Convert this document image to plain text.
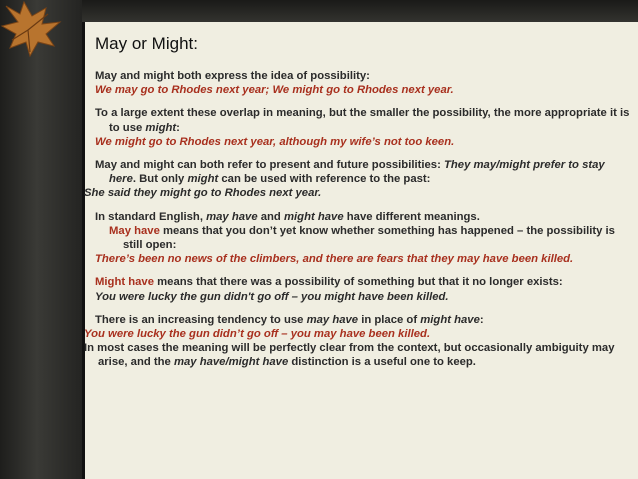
May or Might:

May and might both express the idea of possibility:

We may go to Rhodes next year; We might go to Rhodes next year.

To a large extent these overlap in meaning, but the smaller the possibility, the more appropriate it is to use might:

We might go to Rhodes next year, although my wife’s not too keen.

May and might can both refer to present and future possibilities: They may/might prefer to stay here. But only might can be used with reference to the past:

She said they might go to Rhodes next year.

In standard English, may have and might have have different meanings.
May have means that you don’t yet know whether something has happened – the possibility is still open:

There’s been no news of the climbers, and there are fears that they may have been killed.

Might have means that there was a possibility of something but that it no longer exists:

You were lucky the gun didn't go off – you might have been killed.

There is an increasing tendency to use may have in place of might have:

You were lucky the gun didn’t go off – you may have been killed.

In most cases the meaning will be perfectly clear from the context, but occasionally ambiguity may arise, and the may have/might have distinction is a useful one to keep.
